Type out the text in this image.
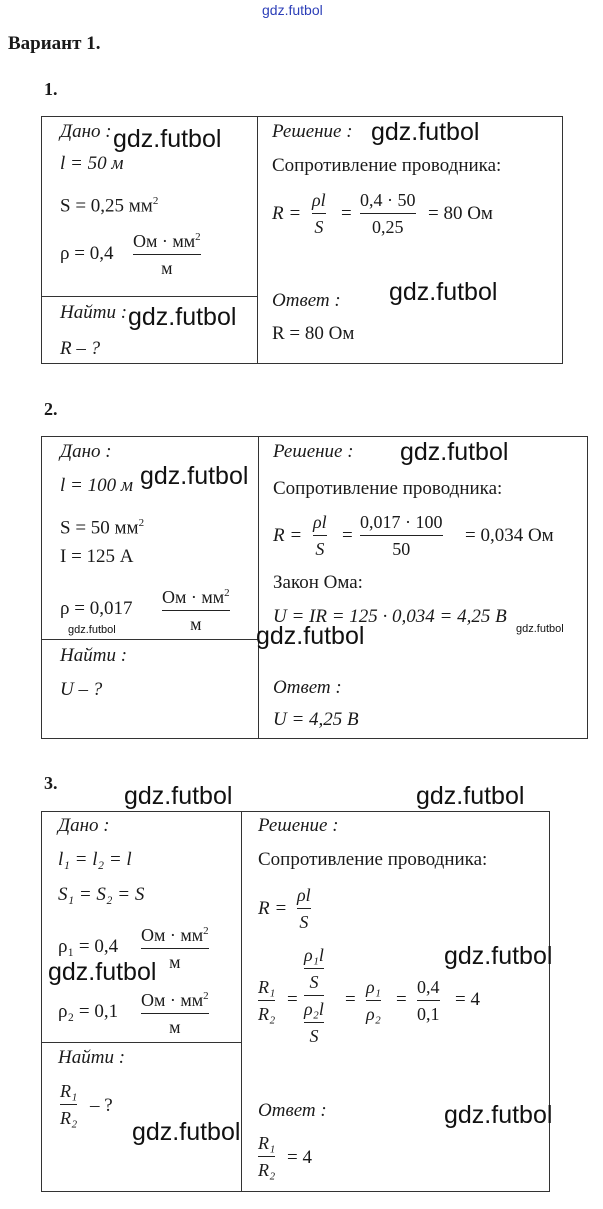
gdz.futbol
Вариант 1.
1.
Дано :
l = 50 м
S = 0,25 $мм^2$
ρ = 0,4
Ом · $мм^2$
м
Найти :
R – ?
Решение :
Сопротивление проводника:
R =
ρl
S
=
0,4 · 50
0,25
= 80 Ом
Ответ :
R = 80 Ом
gdz.futbol	gdz.futbol
gdz.futbol
gdz.futbol
2.
Дано :
l = 100 м
S = 50 $мм^2$
I = 125 А
ρ = 0,017
Ом · $мм^2$
м
Найти :
U – ?
Решение :
Сопротивление проводника:
R =
ρl
S
=
0,017 · 100
50
= 0,034 Ом
Закон Ома:
U = IR = 125 · 0,034 = 4,25 В
Ответ :
U = 4,25 В
gdz.futbol
gdz.futbol
gdz.futbol
gdz.futbol	gdz.futbol
3.
Дано :
l₁ = l₂ = l
S₁ = S₂ = S
ρ₁ = 0,4
Ом · $мм^2$
м
ρ₂ = 0,1
Ом · $мм^2$
м
Найти :
R₁
R₂
– ?
Решение :
Сопротивление проводника:
R =
ρl
S
R₁
R₂
=
ρ₁l
S
ρ₂l
S
=
ρ₁
ρ₂
=
0,4
0,1
= 4
Ответ :
R₁
R₂
= 4
gdz.futbol	gdz.futbol
gdz.futbol
gdz.futbol
gdz.futbol
gdz.futbol
